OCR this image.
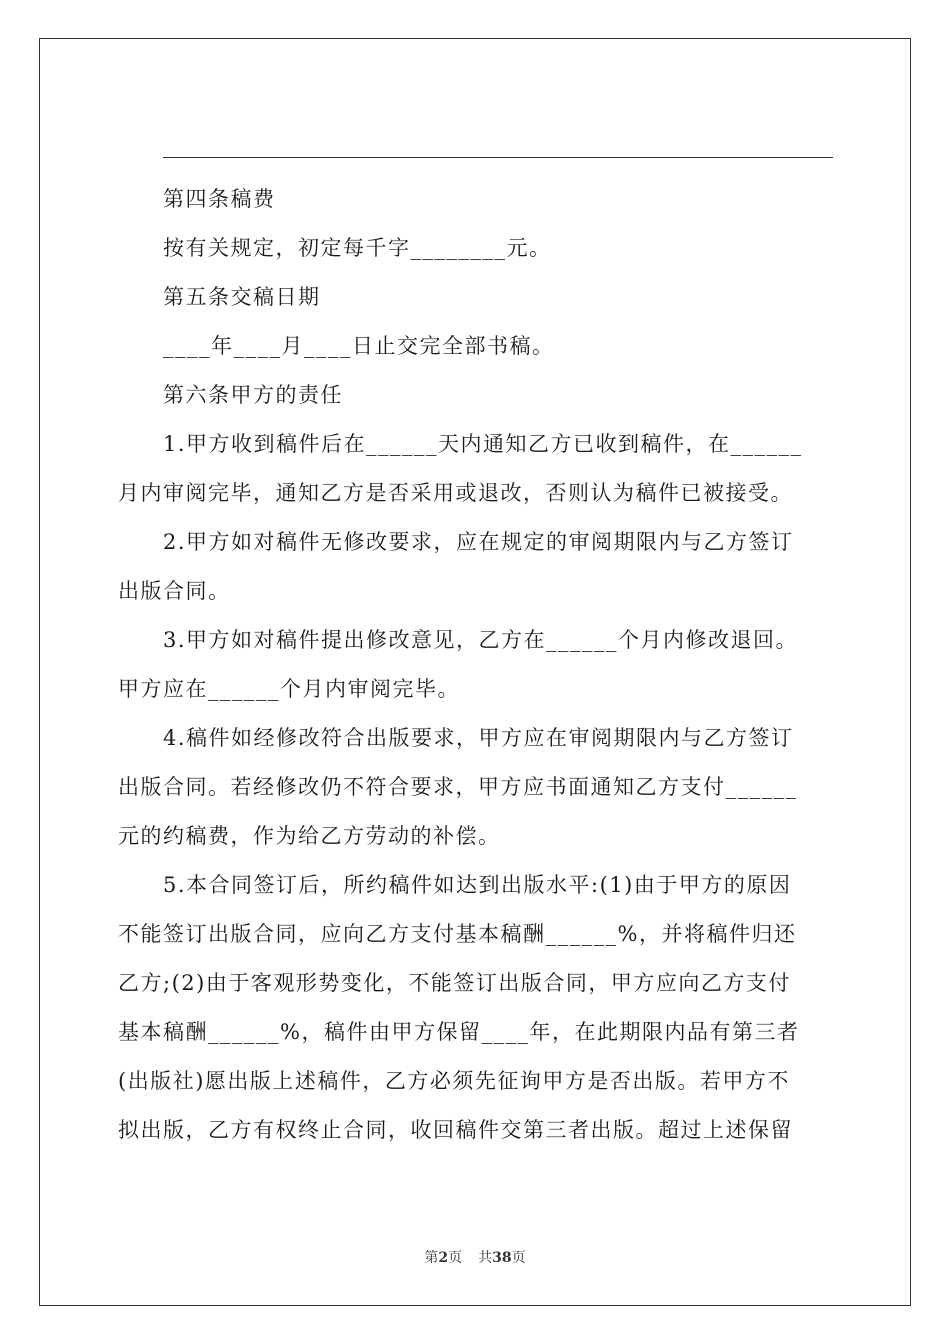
第四条稿费

按有关规定，初定每千字________元。

第五条交稿日期

____年____月____日止交完全部书稿。

第六条甲方的责任

1.甲方收到稿件后在______天内通知乙方已收到稿件，在______

月内审阅完毕，通知乙方是否采用或退改，否则认为稿件已被接受。

2.甲方如对稿件无修改要求，应在规定的审阅期限内与乙方签订

出版合同。

3.甲方如对稿件提出修改意见，乙方在______个月内修改退回。

甲方应在______个月内审阅完毕。

4.稿件如经修改符合出版要求，甲方应在审阅期限内与乙方签订

出版合同。若经修改仍不符合要求，甲方应书面通知乙方支付______

元的约稿费，作为给乙方劳动的补偿。

5.本合同签订后，所约稿件如达到出版水平:(1)由于甲方的原因

不能签订出版合同，应向乙方支付基本稿酬______%，并将稿件归还

乙方;(2)由于客观形势变化，不能签订出版合同，甲方应向乙方支付

基本稿酬______%，稿件由甲方保留____年，在此期限内品有第三者

(出版社)愿出版上述稿件，乙方必须先征询甲方是否出版。若甲方不

拟出版，乙方有权终止合同，收回稿件交第三者出版。超过上述保留

第2页 共38页
